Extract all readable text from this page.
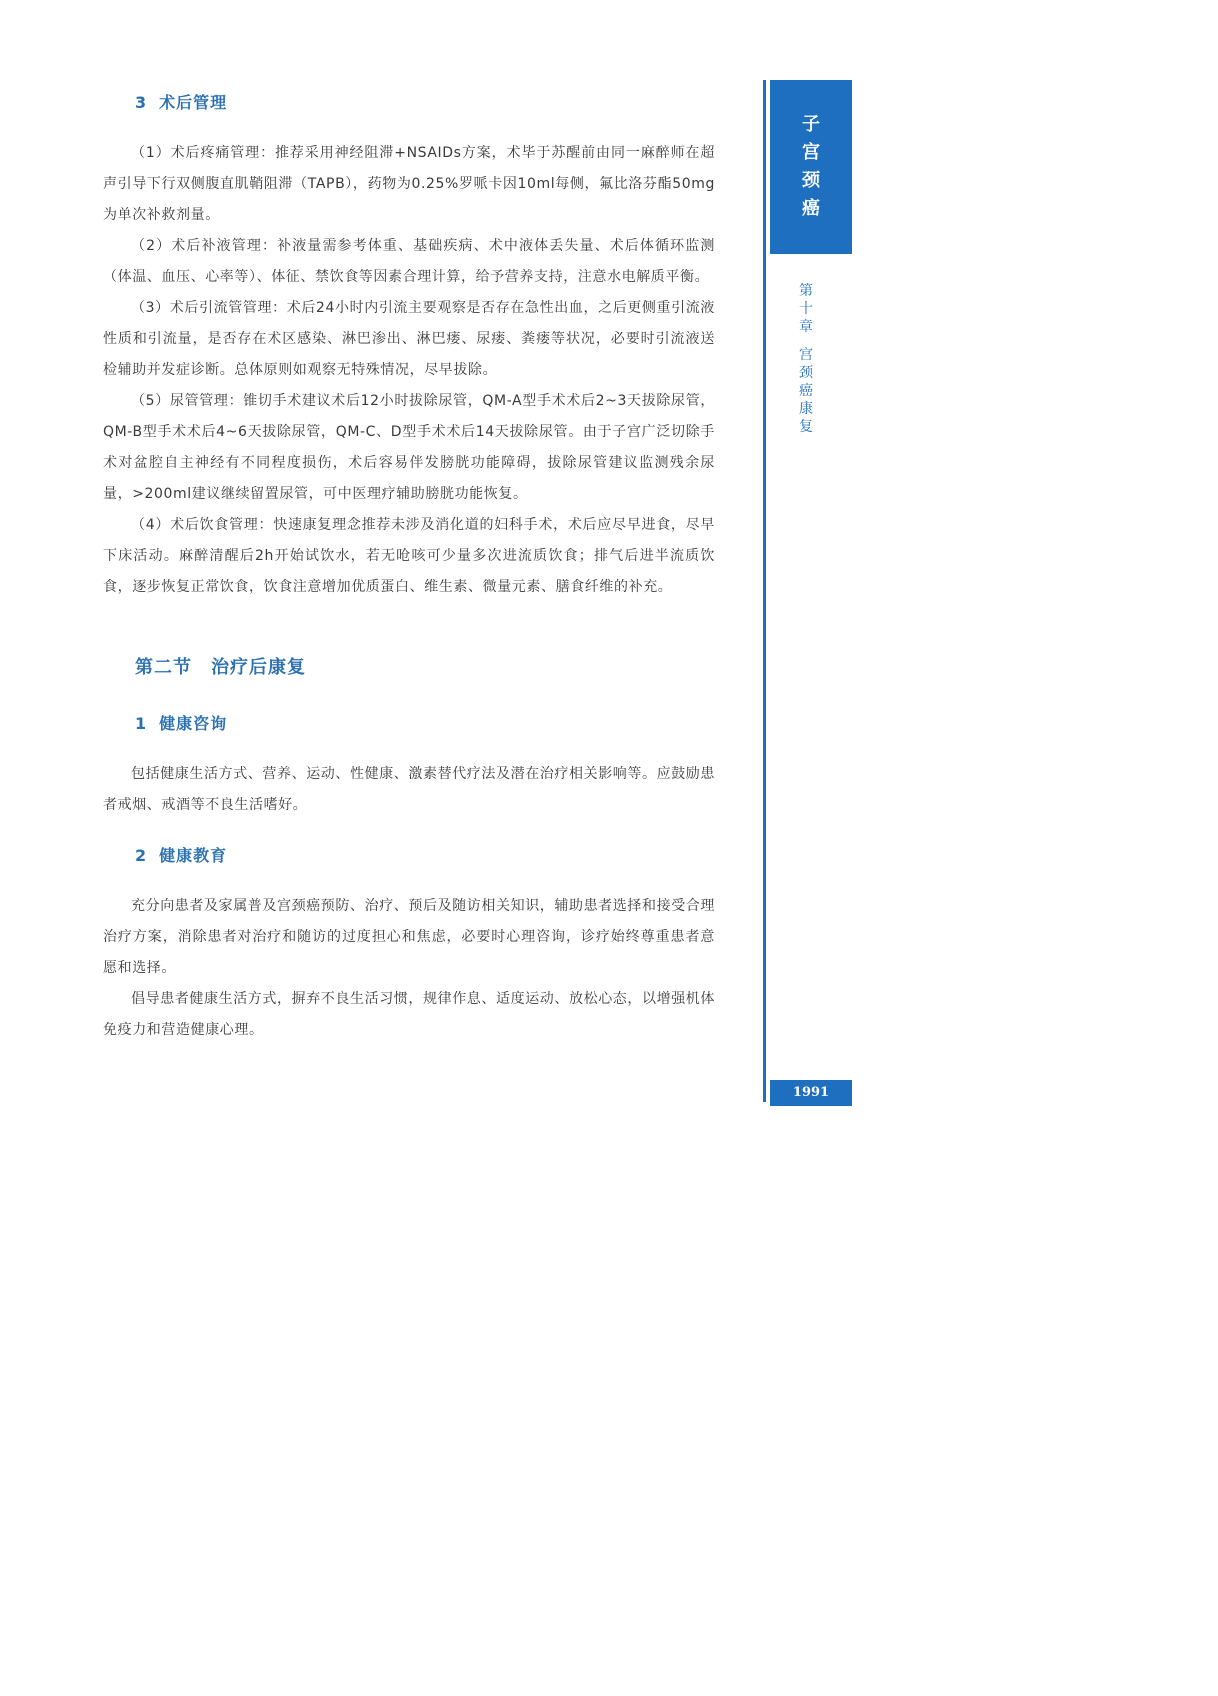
3 术后管理

（1）术后疼痛管理：推荐采用神经阻滞+NSAIDs方案，术毕于苏醒前由同一麻醉师在超声引导下行双侧腹直肌鞘阻滞（TAPB），药物为0.25%罗哌卡因10ml每侧，氟比洛芬酯50mg为单次补救剂量。

（2）术后补液管理：补液量需参考体重、基础疾病、术中液体丢失量、术后体循环监测（体温、血压、心率等）、体征、禁饮食等因素合理计算，给予营养支持，注意水电解质平衡。

（3）术后引流管管理：术后24小时内引流主要观察是否存在急性出血，之后更侧重引流液性质和引流量，是否存在术区感染、淋巴渗出、淋巴瘘、尿瘘、粪瘘等状况，必要时引流液送检辅助并发症诊断。总体原则如观察无特殊情况，尽早拔除。

（5）尿管管理：锥切手术建议术后12小时拔除尿管，QM-A型手术术后2~3天拔除尿管，QM-B型手术术后4~6天拔除尿管，QM-C、D型手术术后14天拔除尿管。由于子宫广泛切除手术对盆腔自主神经有不同程度损伤，术后容易伴发膀胱功能障碍，拔除尿管建议监测残余尿量，>200ml建议继续留置尿管，可中医理疗辅助膀胱功能恢复。

（4）术后饮食管理：快速康复理念推荐未涉及消化道的妇科手术，术后应尽早进食，尽早下床活动。麻醉清醒后2h开始试饮水，若无呛咳可少量多次进流质饮食；排气后进半流质饮食，逐步恢复正常饮食，饮食注意增加优质蛋白、维生素、微量元素、膳食纤维的补充。

第二节　治疗后康复
1 健康咨询

包括健康生活方式、营养、运动、性健康、激素替代疗法及潜在治疗相关影响等。应鼓励患者戒烟、戒酒等不良生活嗜好。

2 健康教育

充分向患者及家属普及宫颈癌预防、治疗、预后及随访相关知识，辅助患者选择和接受合理治疗方案，消除患者对治疗和随访的过度担心和焦虑，必要时心理咨询，诊疗始终尊重患者意愿和选择。

倡导患者健康生活方式，摒弃不良生活习惯，规律作息、适度运动、放松心态，以增强机体免疫力和营造健康心理。

子
宫
颈
癌
第
十
章
宫
颈
癌
康
复
1991
